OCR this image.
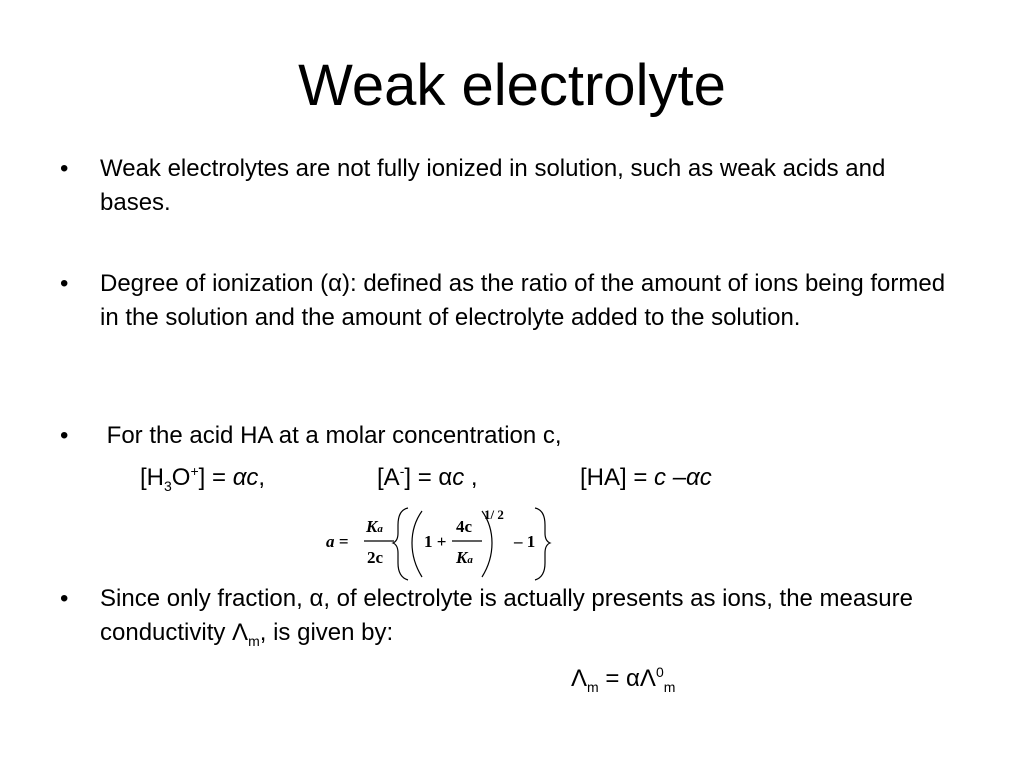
Weak electrolyte
• Weak electrolytes are not fully ionized in solution, such as weak acids and bases.
• Degree of ionization (α): defined as the ratio of the amount of ions being formed in the solution and the amount of electrolyte added to the solution.
• For the acid HA at a molar concentration c,
$[H_3O^+] = \alpha c$,	[A-] = αc ,	[HA] = c –αc
a =
Ka
2c
1 +
4c
Ka
1/ 2
– 1
• Since only fraction, α, of electrolyte is actually presents as ions, the measure conductivity $\Lambda_m$, is given by:
$\Lambda_m = \alpha\Lambda^0_m$
